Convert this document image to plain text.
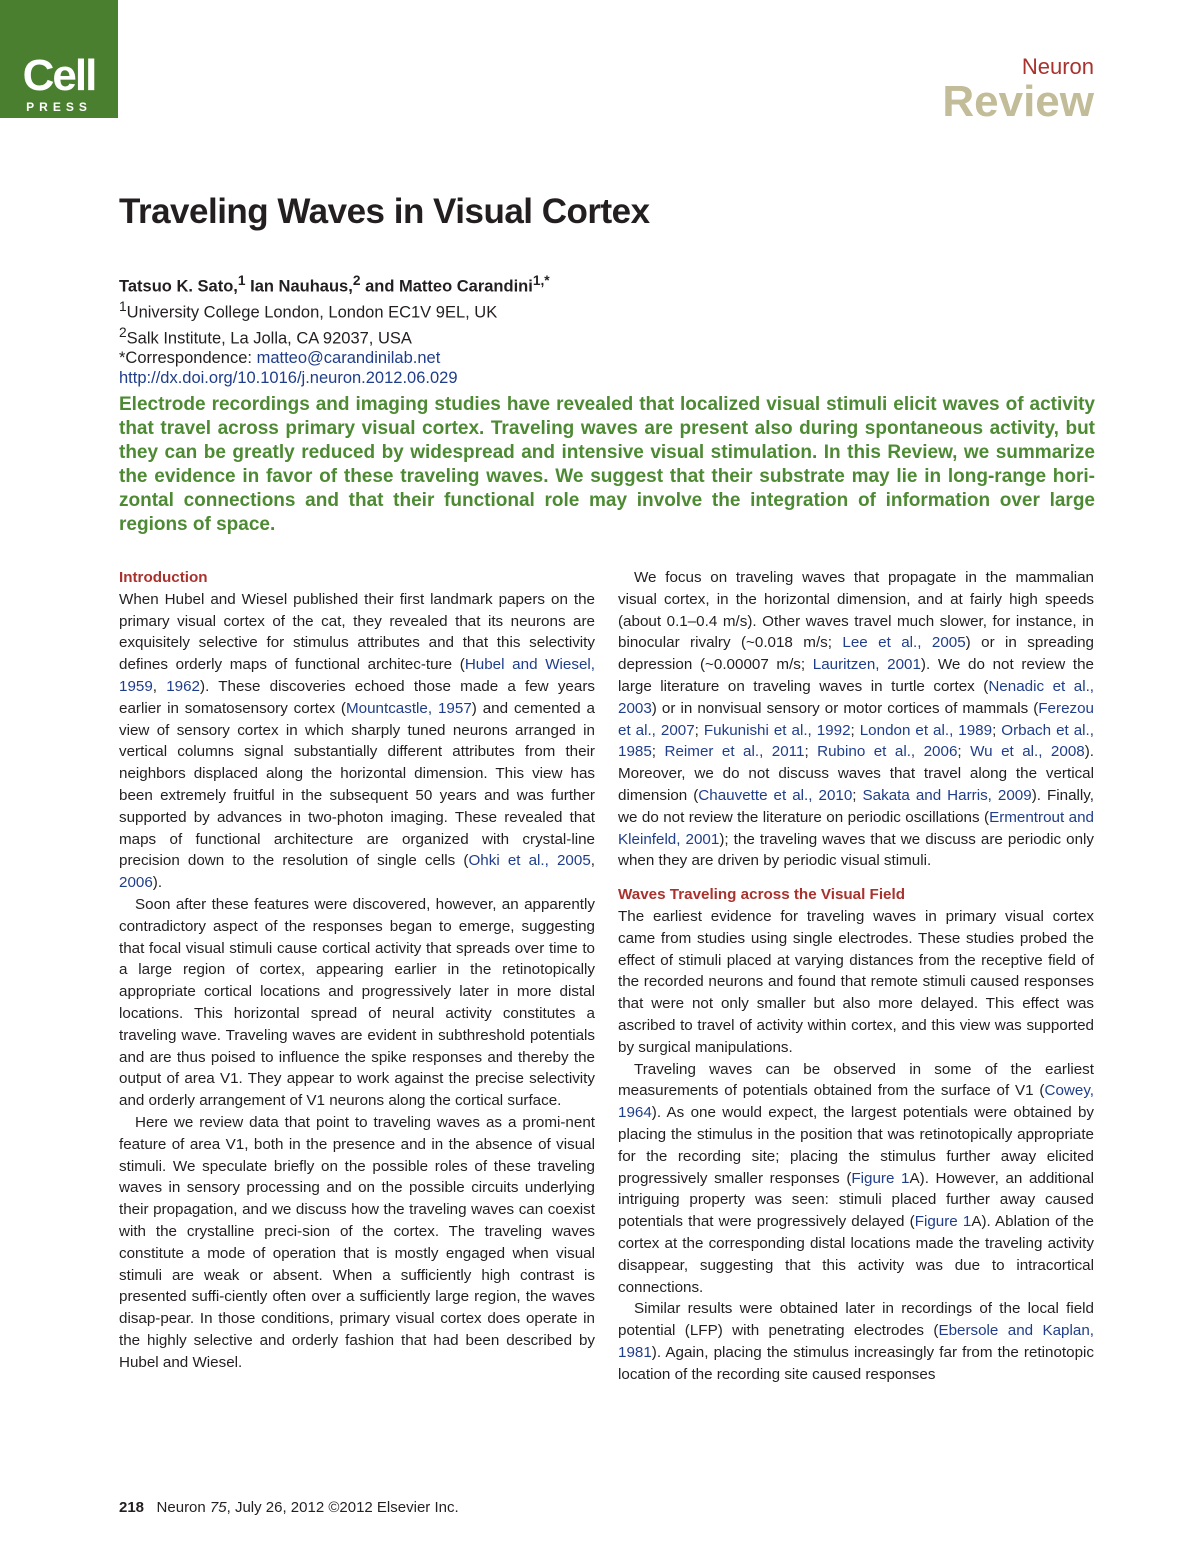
Cell
PRESS
Neuron
Review
Traveling Waves in Visual Cortex
Tatsuo K. Sato,$^1$ Ian Nauhaus,$^2$ and Matteo Carandini$^{1,*}$
$^1$University College London, London EC1V 9EL, UK
$^2$Salk Institute, La Jolla, CA 92037, USA
*Correspondence: matteo@carandinilab.net
http://dx.doi.org/10.1016/j.neuron.2012.06.029

Electrode recordings and imaging studies have revealed that localized visual stimuli elicit waves of activity that travel across primary visual cortex. Traveling waves are present also during spontaneous activity, but they can be greatly reduced by widespread and intensive visual stimulation. In this Review, we summarize the evidence in favor of these traveling waves. We suggest that their substrate may lie in long-range hori-zontal connections and that their functional role may involve the integration of information over large regions of space.

Introduction

When Hubel and Wiesel published their first landmark papers on the primary visual cortex of the cat, they revealed that its neurons are exquisitely selective for stimulus attributes and that this selectivity defines orderly maps of functional architec-ture (Hubel and Wiesel, 1959, 1962). These discoveries echoed those made a few years earlier in somatosensory cortex (Mountcastle, 1957) and cemented a view of sensory cortex in which sharply tuned neurons arranged in vertical columns signal substantially different attributes from their neighbors displaced along the horizontal dimension. This view has been extremely fruitful in the subsequent 50 years and was further supported by advances in two-photon imaging. These revealed that maps of functional architecture are organized with crystal-line precision down to the resolution of single cells (Ohki et al., 2005, 2006).

Soon after these features were discovered, however, an apparently contradictory aspect of the responses began to emerge, suggesting that focal visual stimuli cause cortical activity that spreads over time to a large region of cortex, appearing earlier in the retinotopically appropriate cortical locations and progressively later in more distal locations. This horizontal spread of neural activity constitutes a traveling wave. Traveling waves are evident in subthreshold potentials and are thus poised to influence the spike responses and thereby the output of area V1. They appear to work against the precise selectivity and orderly arrangement of V1 neurons along the cortical surface.

Here we review data that point to traveling waves as a promi-nent feature of area V1, both in the presence and in the absence of visual stimuli. We speculate briefly on the possible roles of these traveling waves in sensory processing and on the possible circuits underlying their propagation, and we discuss how the traveling waves can coexist with the crystalline preci-sion of the cortex. The traveling waves constitute a mode of operation that is mostly engaged when visual stimuli are weak or absent. When a sufficiently high contrast is presented suffi-ciently often over a sufficiently large region, the waves disap-pear. In those conditions, primary visual cortex does operate in the highly selective and orderly fashion that had been described by Hubel and Wiesel.

We focus on traveling waves that propagate in the mammalian visual cortex, in the horizontal dimension, and at fairly high speeds (about 0.1–0.4 m/s). Other waves travel much slower, for instance, in binocular rivalry (~0.018 m/s; Lee et al., 2005) or in spreading depression (~0.00007 m/s; Lauritzen, 2001). We do not review the large literature on traveling waves in turtle cortex (Nenadic et al., 2003) or in nonvisual sensory or motor cortices of mammals (Ferezou et al., 2007; Fukunishi et al., 1992; London et al., 1989; Orbach et al., 1985; Reimer et al., 2011; Rubino et al., 2006; Wu et al., 2008). Moreover, we do not discuss waves that travel along the vertical dimension (Chauvette et al., 2010; Sakata and Harris, 2009). Finally, we do not review the literature on periodic oscillations (Ermentrout and Kleinfeld, 2001); the traveling waves that we discuss are periodic only when they are driven by periodic visual stimuli.

Waves Traveling across the Visual Field

The earliest evidence for traveling waves in primary visual cortex came from studies using single electrodes. These studies probed the effect of stimuli placed at varying distances from the receptive field of the recorded neurons and found that remote stimuli caused responses that were not only smaller but also more delayed. This effect was ascribed to travel of activity within cortex, and this view was supported by surgical manipulations.

Traveling waves can be observed in some of the earliest measurements of potentials obtained from the surface of V1 (Cowey, 1964). As one would expect, the largest potentials were obtained by placing the stimulus in the position that was retinotopically appropriate for the recording site; placing the stimulus further away elicited progressively smaller responses (Figure 1A). However, an additional intriguing property was seen: stimuli placed further away caused potentials that were progressively delayed (Figure 1A). Ablation of the cortex at the corresponding distal locations made the traveling activity disappear, suggesting that this activity was due to intracortical connections.

Similar results were obtained later in recordings of the local field potential (LFP) with penetrating electrodes (Ebersole and Kaplan, 1981). Again, placing the stimulus increasingly far from the retinotopic location of the recording site caused responses

218 Neuron 75, July 26, 2012 ©2012 Elsevier Inc.
